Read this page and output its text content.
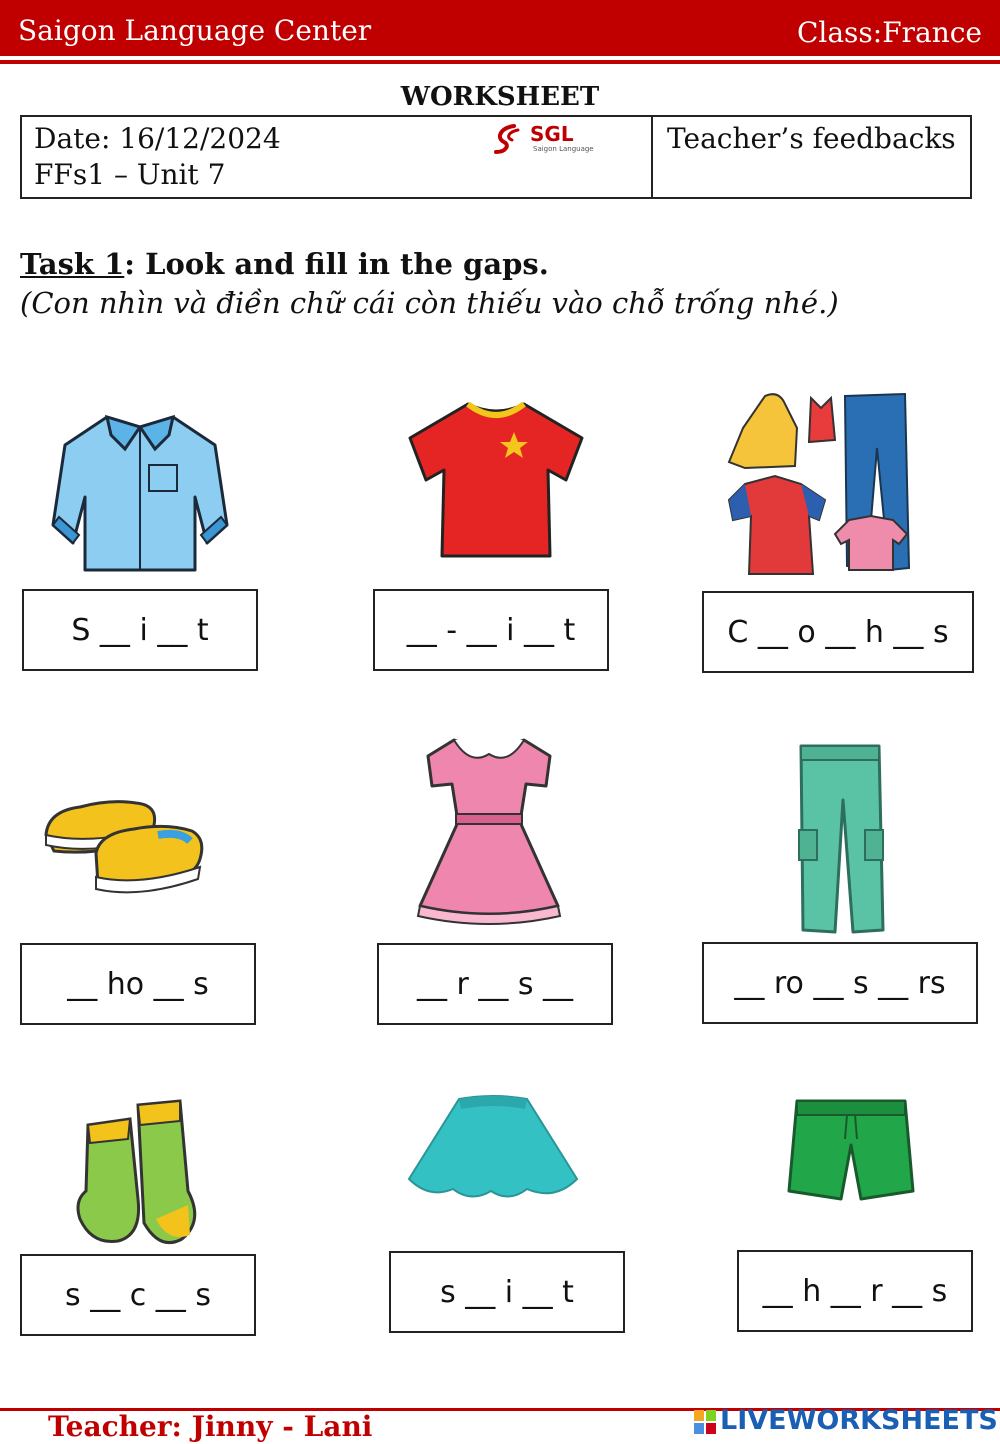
Saigon Language Center	Class:France
WORKSHEET
Date: 16/12/2024
FFs1 – Unit 7
Teacher’s feedbacks
SGL
Saigon Language
Task 1: Look and fill in the gaps.
(Con nhìn và điền chữ cái còn thiếu vào chỗ trống nhé.)
S __ i __ t	__ - __ i __ t	C __ o __ h __ s
__ ho __ s	__ r __ s __	__ ro __ s __ rs
s __ c __ s	s __ i __ t	__ h __ r __ s
Teacher: Jinny - Lani	LIVEWORKSHEETS
